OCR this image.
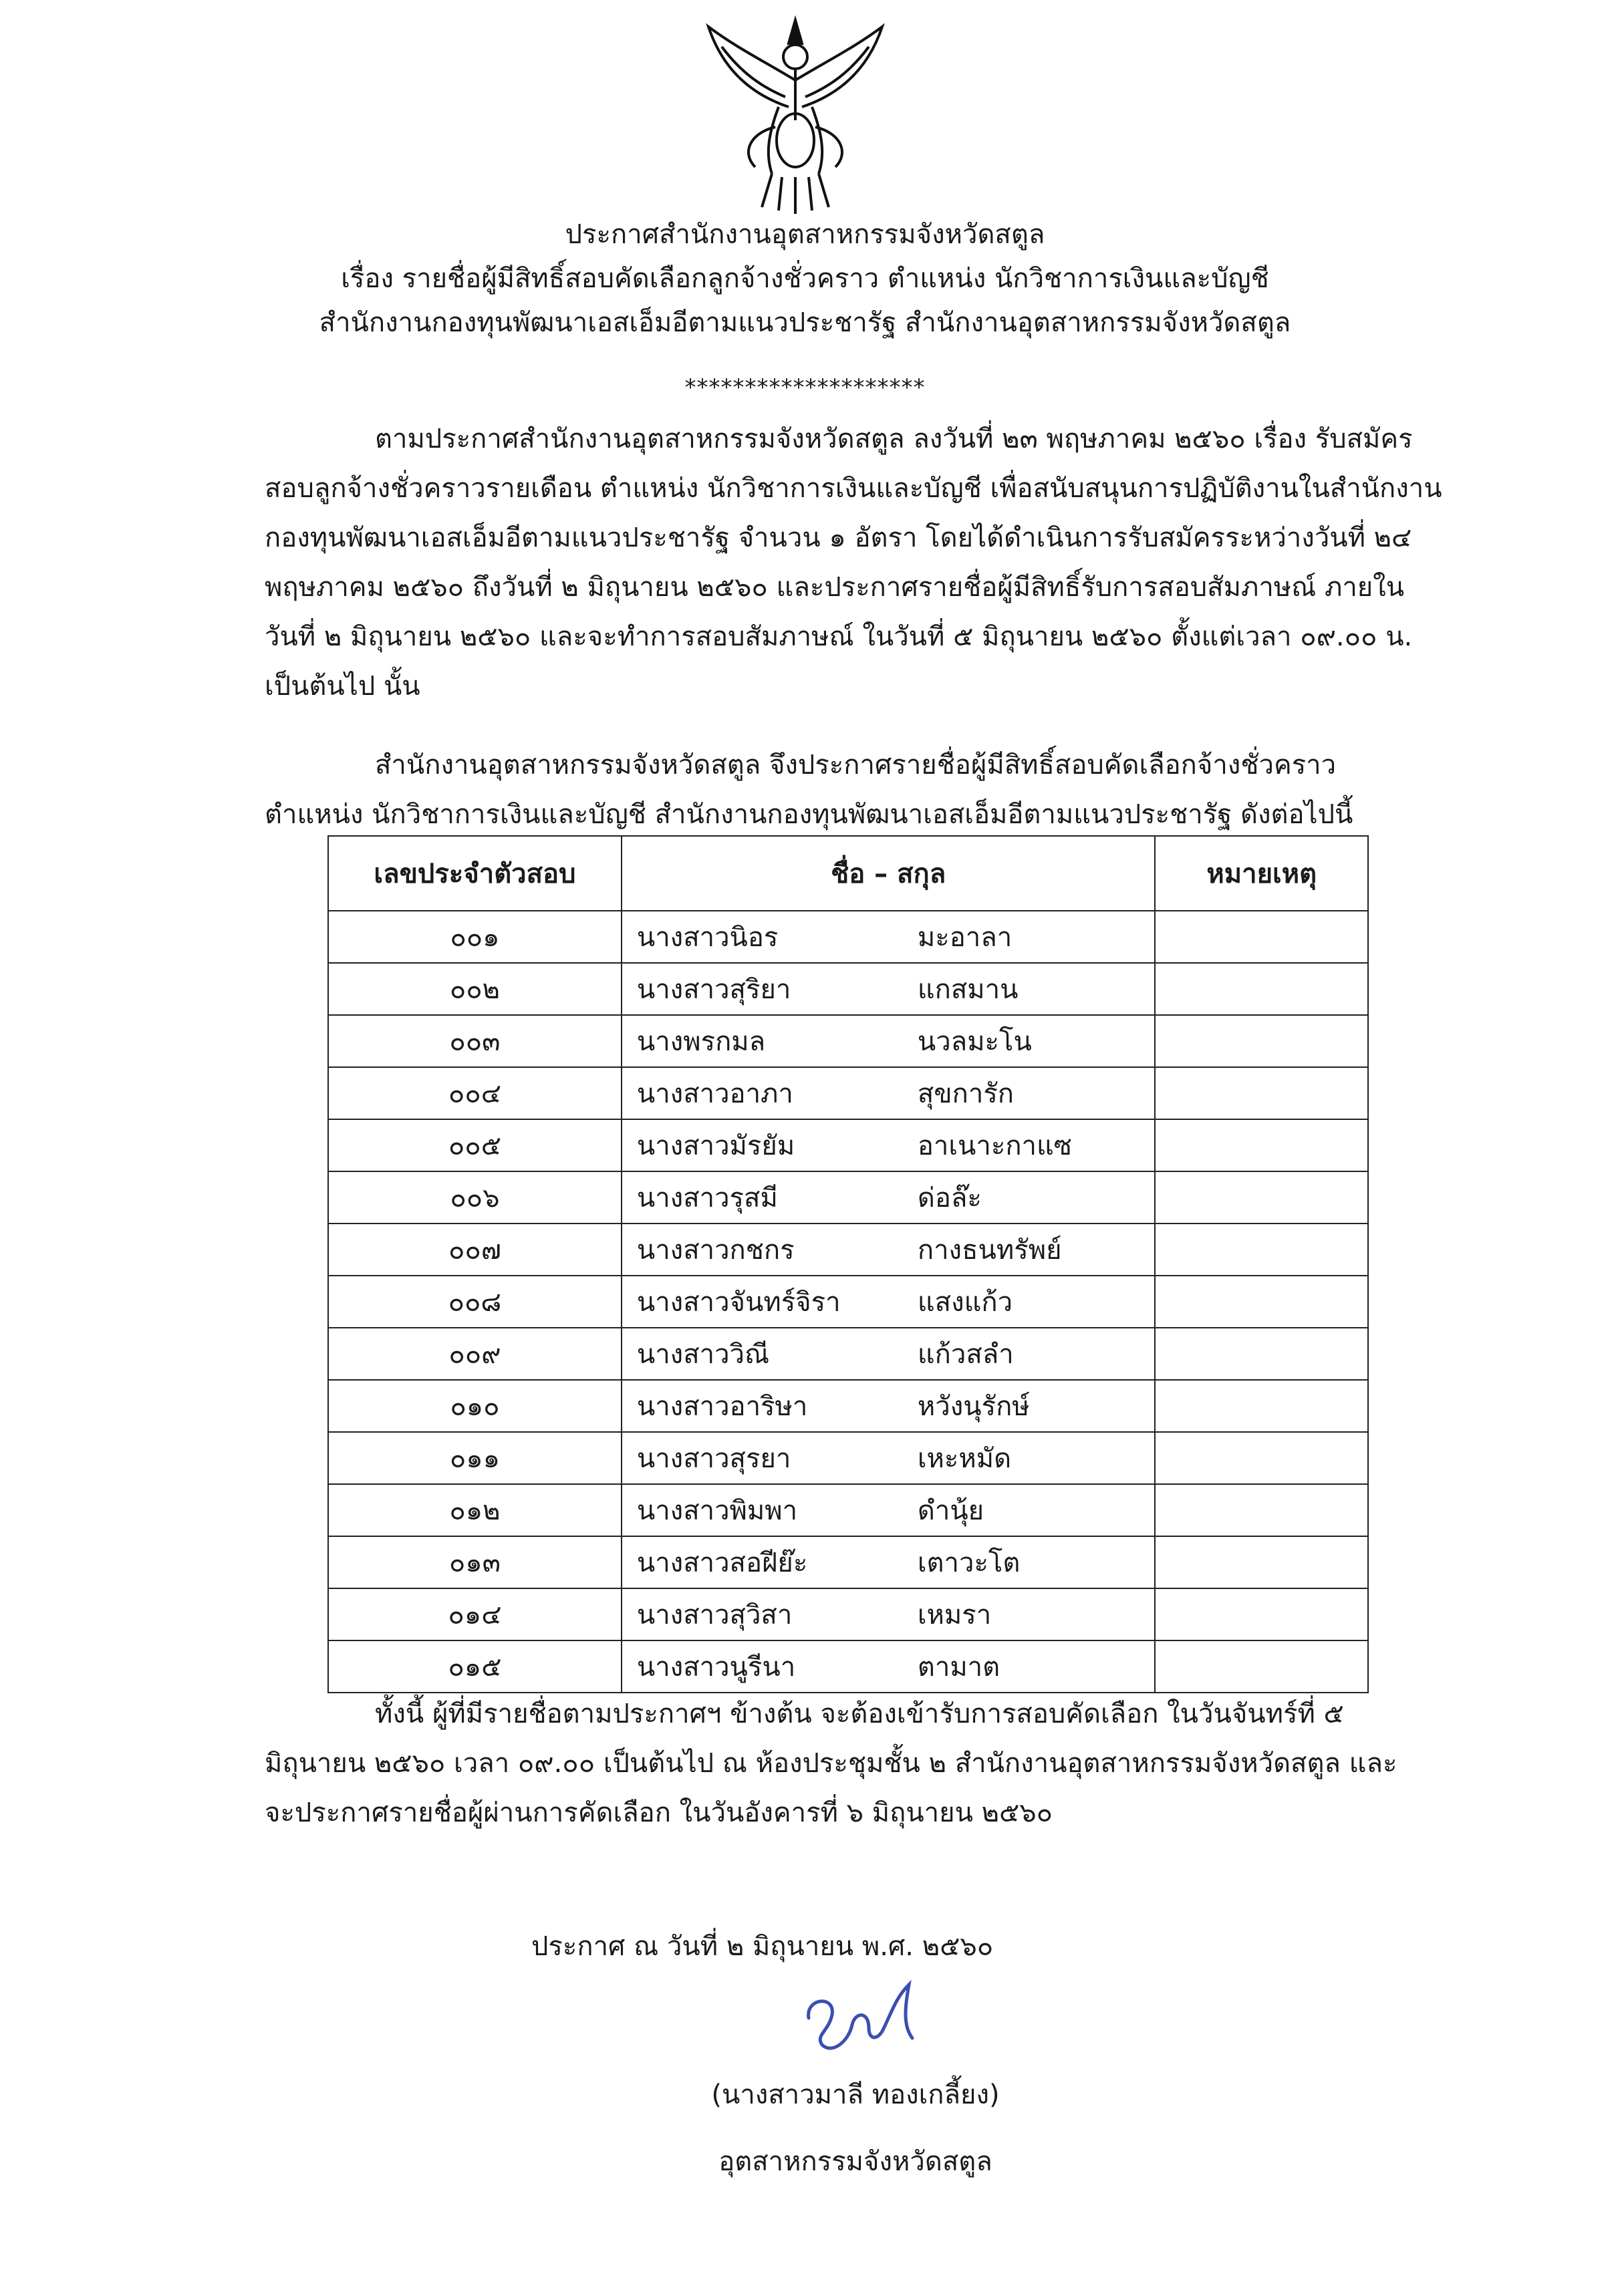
ประกาศสำนักงานอุตสาหกรรมจังหวัดสตูล
เรื่อง รายชื่อผู้มีสิทธิ์สอบคัดเลือกลูกจ้างชั่วคราว ตำแหน่ง นักวิชาการเงินและบัญชี
สำนักงานกองทุนพัฒนาเอสเอ็มอีตามแนวประชารัฐ สำนักงานอุตสาหกรรมจังหวัดสตูล
********************
ตามประกาศสำนักงานอุตสาหกรรมจังหวัดสตูล ลงวันที่ ๒๓ พฤษภาคม ๒๕๖๐ เรื่อง รับสมัคร
สอบลูกจ้างชั่วคราวรายเดือน ตำแหน่ง นักวิชาการเงินและบัญชี เพื่อสนับสนุนการปฏิบัติงานในสำนักงาน
กองทุนพัฒนาเอสเอ็มอีตามแนวประชารัฐ จำนวน ๑ อัตรา โดยได้ดำเนินการรับสมัครระหว่างวันที่ ๒๔
พฤษภาคม ๒๕๖๐ ถึงวันที่ ๒ มิถุนายน ๒๕๖๐ และประกาศรายชื่อผู้มีสิทธิ์รับการสอบสัมภาษณ์ ภายใน
วันที่ ๒ มิถุนายน ๒๕๖๐ และจะทำการสอบสัมภาษณ์ ในวันที่ ๕ มิถุนายน ๒๕๖๐ ตั้งแต่เวลา ๐๙.๐๐ น.
เป็นต้นไป นั้น
สำนักงานอุตสาหกรรมจังหวัดสตูล จึงประกาศรายชื่อผู้มีสิทธิ์สอบคัดเลือกจ้างชั่วคราว
ตำแหน่ง นักวิชาการเงินและบัญชี สำนักงานกองทุนพัฒนาเอสเอ็มอีตามแนวประชารัฐ ดังต่อไปนี้
เลขประจำตัวสอบ	ชื่อ – สกุล	หมายเหตุ
๐๐๑	นางสาวนิอร มะอาลา	
๐๐๒	นางสาวสุริยา แกสมาน	
๐๐๓	นางพรกมล นวลมะโน	
๐๐๔	นางสาวอาภา สุขการัก	
๐๐๕	นางสาวมัรยัม อาเนาะกาแซ	
๐๐๖	นางสาวรุสมี ด่อล๊ะ	
๐๐๗	นางสาวกชกร กางธนทรัพย์	
๐๐๘	นางสาวจันทร์จิรา แสงแก้ว	
๐๐๙	นางสาววิณี แก้วสลำ	
๐๑๐	นางสาวอาริษา หวังนุรักษ์	
๐๑๑	นางสาวสุรยา เหะหมัด	
๐๑๒	นางสาวพิมพา ดำนุ้ย	
๐๑๓	นางสาวสอฝีย๊ะ เตาวะโต	
๐๑๔	นางสาวสุวิสา เหมรา	
๐๑๕	นางสาวนูรีนา ตามาต	
ทั้งนี้ ผู้ที่มีรายชื่อตามประกาศฯ ข้างต้น จะต้องเข้ารับการสอบคัดเลือก ในวันจันทร์ที่ ๕
มิถุนายน ๒๕๖๐ เวลา ๐๙.๐๐ เป็นต้นไป ณ ห้องประชุมชั้น ๒ สำนักงานอุตสาหกรรมจังหวัดสตูล และ
จะประกาศรายชื่อผู้ผ่านการคัดเลือก ในวันอังคารที่ ๖ มิถุนายน ๒๕๖๐
ประกาศ ณ วันที่ ๒ มิถุนายน พ.ศ. ๒๕๖๐
(นางสาวมาลี ทองเกลี้ยง)
อุตสาหกรรมจังหวัดสตูล
